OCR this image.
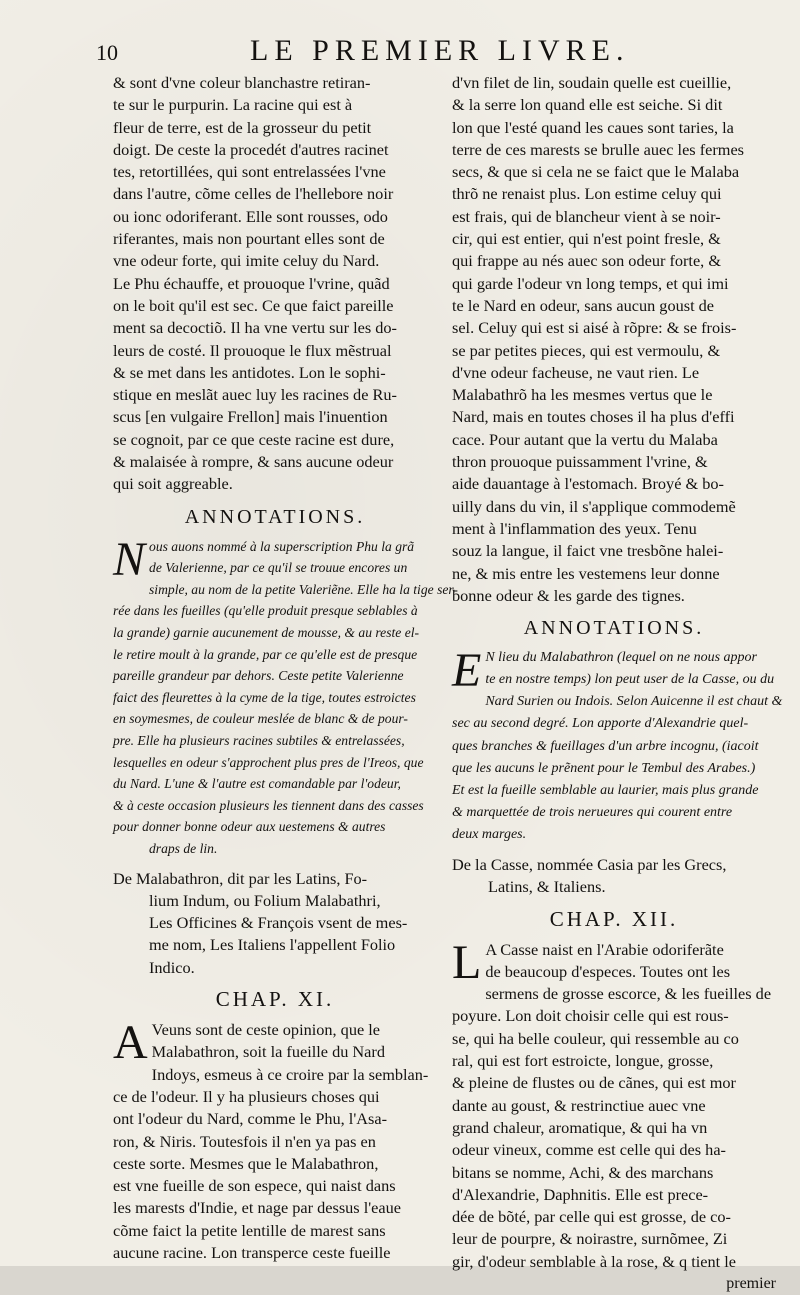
10	LE PREMIER LIVRE.
& sont d'vne coleur blanchastre retiran-
te sur le purpurin. La racine qui est à
fleur de terre, est de la grosseur du petit
doigt. De ceste la procedét d'autres racinet
tes, retortillées, qui sont entrelassées l'vne
dans l'autre, cõme celles de l'hellebore noir
ou ionc odoriferant. Elle sont rousses, odo
riferantes, mais non pourtant elles sont de
vne odeur forte, qui imite celuy du Nard.
Le Phu échauffe, et prouoque l'vrine, quãd
on le boit qu'il est sec. Ce que faict pareille
ment sa decoctiõ. Il ha vne vertu sur les do-
leurs de costé. Il prouoque le flux mẽstrual
& se met dans les antidotes. Lon le sophi-
stique en meslãt auec luy les racines de Ru-
scus [en vulgaire Frellon] mais l'inuention
se cognoit, par ce que ceste racine est dure,
& malaisée à rompre, & sans aucune odeur
qui soit aggreable.
ANNOTATIONS.
N ous auons nommé à la superscription Phu la grã
de Valerienne, par ce qu'il se trouue encores un
simple, au nom de la petite Valeriẽne. Elle ha la tige ser-
rée dans les fueilles (qu'elle produit presque seblables à
la grande) garnie aucunement de mousse, & au reste el-
le retire moult à la grande, par ce qu'elle est de presque
pareille grandeur par dehors. Ceste petite Valerienne
faict des fleurettes à la cyme de la tige, toutes estroictes
en soymesmes, de couleur meslée de blanc & de pour-
pre. Elle ha plusieurs racines subtiles & entrelassées,
lesquelles en odeur s'approchent plus pres de l'Ireos, que
du Nard. L'une & l'autre est comandable par l'odeur,
& à ceste occasion plusieurs les tiennent dans des casses
pour donner bonne odeur aux uestemens & autres
draps de lin.
De Malabathron, dit par les Latins, Fo-
lium Indum, ou Folium Malabathri,
Les Officines & François vsent de mes-
me nom, Les Italiens l'appellent Folio
Indico.
CHAP. XI.
A Veuns sont de ceste opinion, que le
Malabathron, soit la fueille du Nard
Indoys, esmeus à ce croire par la semblan-
ce de l'odeur. Il y ha plusieurs choses qui
ont l'odeur du Nard, comme le Phu, l'Asa-
ron, & Niris. Toutesfois il n'en ya pas en
ceste sorte. Mesmes que le Malabathron,
est vne fueille de son espece, qui naist dans
les marests d'Indie, et nage par dessus l'eaue
cõme faict la petite lentille de marest sans
aucune racine. Lon transperce ceste fueille
d'vn filet de lin, soudain quelle est cueillie,
& la serre lon quand elle est seiche. Si dit
lon que l'esté quand les caues sont taries, la
terre de ces marests se brulle auec les fermes
secs, & que si cela ne se faict que le Malaba
thrõ ne renaist plus. Lon estime celuy qui
est frais, qui de blancheur vient à se noir-
cir, qui est entier, qui n'est point fresle, &
qui frappe au nés auec son odeur forte, &
qui garde l'odeur vn long temps, et qui imi
te le Nard en odeur, sans aucun goust de
sel. Celuy qui est si aisé à rõpre: & se frois-
se par petites pieces, qui est vermoulu, &
d'vne odeur facheuse, ne vaut rien. Le
Malabathrõ ha les mesmes vertus que le
Nard, mais en toutes choses il ha plus d'effi
cace. Pour autant que la vertu du Malaba
thron prouoque puissamment l'vrine, &
aide dauantage à l'estomach. Broyé & bo-
uilly dans du vin, il s'applique commodemẽ
ment à l'inflammation des yeux. Tenu
souz la langue, il faict vne tresbõne halei-
ne, & mis entre les vestemens leur donne
bonne odeur & les garde des tignes.
ANNOTATIONS.
E N lieu du Malabathron (lequel on ne nous appor
te en nostre temps) lon peut user de la Casse, ou du
Nard Surien ou Indois. Selon Auicenne il est chaut &
sec au second degré. Lon apporte d'Alexandrie quel-
ques branches & fueillages d'un arbre incognu, (iacoit
que les aucuns le prẽnent pour le Tembul des Arabes.)
Et est la fueille semblable au laurier, mais plus grande
& marquettée de trois nerueures qui courent entre
deux marges.
De la Casse, nommée Casia par les Grecs,
Latins, & Italiens.
CHAP. XII.
L A Casse naist en l'Arabie odoriferãte
de beaucoup d'especes. Toutes ont les
sermens de grosse escorce, & les fueilles de
poyure. Lon doit choisir celle qui est rous-
se, qui ha belle couleur, qui ressemble au co
ral, qui est fort estroicte, longue, grosse,
& pleine de flustes ou de cãnes, qui est mor
dante au goust, & restrinctiue auec vne
grand chaleur, aromatique, & qui ha vn
odeur vineux, comme est celle qui des ha-
bitans se nomme, Achi, & des marchans
d'Alexandrie, Daphnitis. Elle est prece-
dée de bõté, par celle qui est grosse, de co-
leur de pourpre, & noirastre, surnõmee, Zi
gir, d'odeur semblable à la rose, & q tient le
premier
